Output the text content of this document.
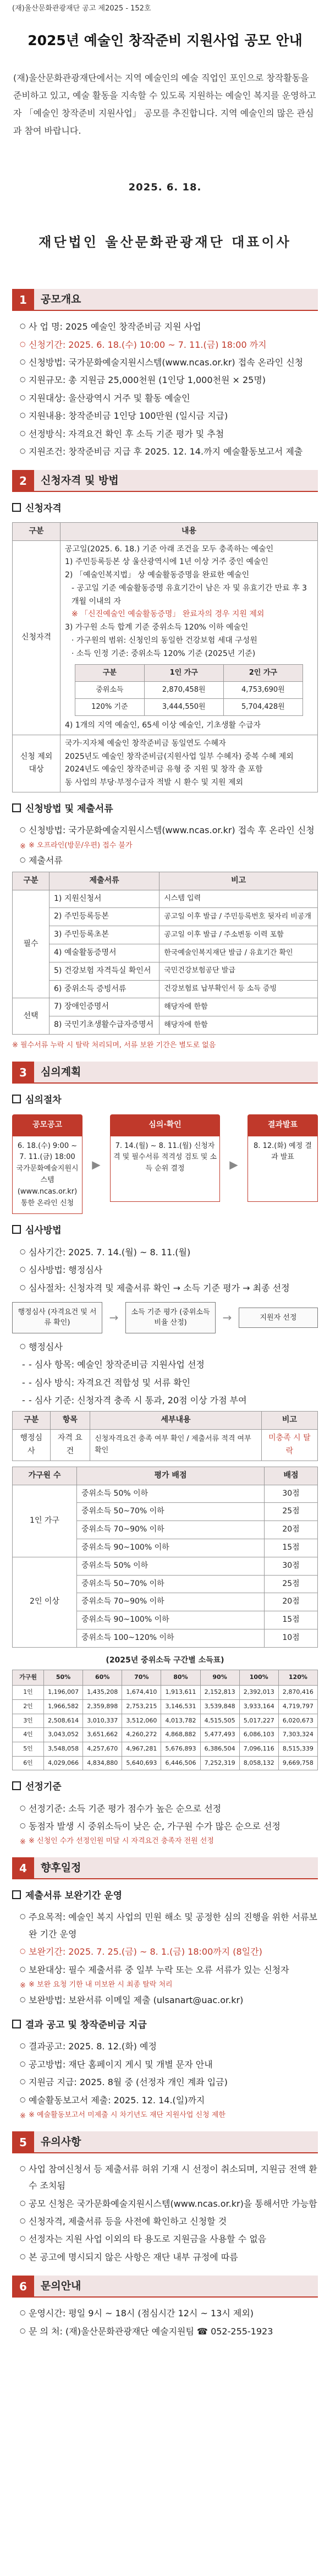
(재)울산문화관광재단 공고 제2025 - 152호
2025년 예술인 창작준비 지원사업 공모 안내
(재)울산문화관광재단에서는 지역 예술인의 예술 직업인 포인으로 창작활동을 준비하고 있고, 예술 활동을 지속할 수 있도록 지원하는 예술인 복지를 운영하고자 「예술인 창작준비 지원사업」 공모를 추진합니다. 지역 예술인의 많은 관심과 참여 바랍니다.
2025. 6. 18.
재단법인 울산문화관광재단 대표이사
1	공모개요
○ 사 업 명: 2025 예술인 창작준비금 지원 사업
○ 신청기간: 2025. 6. 18.(수) 10:00 ~ 7. 11.(금) 18:00 까지
○ 신청방법: 국가문화예술지원시스템(www.ncas.or.kr) 접속 온라인 신청
○ 지원규모: 총 지원금 25,000천원 (1인당 1,000천원 × 25명)
○ 지원대상: 울산광역시 거주 및 활동 예술인
○ 지원내용: 창작준비금 1인당 100만원 (일시금 지급)
○ 선정방식: 자격요건 확인 후 소득 기준 평가 및 추첨
○ 지원조건: 창작준비금 지급 후 2025. 12. 14.까지 예술활동보고서 제출
2	신청자격 및 방법
신청자격
구분	내용
신청자격	
공고일(2025. 6. 18.) 기준 아래 조건을 모두 충족하는 예술인
1) 주민등록등본 상 울산광역시에 1년 이상 거주 중인 예술인
2) 「예술인복지법」 상 예술활동증명을 완료한 예술인
- 공고일 기준 예술활동증명 유효기간이 남은 자 및 유효기간 만료 후 3개월 이내의 자
※ 「신진예술인 예술활동증명」 완료자의 경우 지원 제외
3) 가구원 소득 합계 기준 중위소득 120% 이하 예술인
· 가구원의 범위: 신청인의 동일한 건강보험 세대 구성원
· 소득 인정 기준: 중위소득 120% 기준 (2025년 기준)
구분	1인 가구	2인 가구
중위소득	2,870,458원	4,753,690원
120% 기준	3,444,550원	5,704,428원
4) 1개의 지역 예술인, 65세 이상 예술인, 기초생활 수급자

신청 제외 대상	
국가·지자체 예술인 창작준비금 동일연도 수혜자
2025년도 예술인 창작준비금(지원사업 일부 수혜자) 중복 수혜 제외
2024년도 예술인 창작준비금 유형 중 지원 및 창작 출 포함
동 사업의 부당·부정수급자 적발 시 환수 및 지원 제외
신청방법 및 제출서류
○ 신청방법: 국가문화예술지원시스템(www.ncas.or.kr) 접속 후 온라인 신청
※ ※ 오프라인(방문/우편) 접수 불가
○ 제출서류
구분	제출서류	비고
필수	1) 지원신청서	시스템 입력
	2) 주민등록등본	공고일 이후 발급 / 주민등록번호 뒷자리 비공개
	3) 주민등록초본	공고일 이후 발급 / 주소변동 이력 포함
	4) 예술활동증명서	한국예술인복지재단 발급 / 유효기간 확인
	5) 건강보험 자격득실 확인서	국민건강보험공단 발급
	6) 중위소득 증빙서류	건강보험료 납부확인서 등 소득 증빙
선택	7) 장애인증명서	해당자에 한함
	8) 국민기초생활수급자증명서	해당자에 한함
※ 필수서류 누락 시 탈락 처리되며, 서류 보완 기간은 별도로 없음
3	심의계획
심의절차
공모공고
6. 18.(수) 9:00 ~ 7. 11.(금) 18:00 국가문화예술지원시스템(www.ncas.or.kr) 통한 온라인 신청
▶
심의·확인
7. 14.(월) ~ 8. 11.(월) 신청자격 및 필수서류 적격성 검토 및 소득 순위 결정	▶
결과발표
8. 12.(화) 예정 결과 발표
심사방법
○ 심사기간: 2025. 7. 14.(월) ~ 8. 11.(월)
○ 심사방법: 행정심사
○ 심사절차: 신청자격 및 제출서류 확인 → 소득 기준 평가 → 최종 선정
행정심사 (자격요건 및 서류 확인)	→	소득 기준 평가 (중위소득 비율 산정)	→	지원자 선정
○ 행정심사
- - 심사 항목: 예술인 창작준비금 지원사업 선정
- - 심사 방식: 자격요건 적합성 및 서류 확인
- - 심사 기준: 신청자격 충족 시 통과, 20점 이상 가점 부여
구분	항목	세부내용	비고
행정심사	자격 요건	신청자격요건 충족 여부 확인 / 제출서류 적격 여부 확인	미충족 시 탈락
가구원 수	평가 배점	배점
1인 가구	중위소득 50% 이하	30점
	중위소득 50~70% 이하	25점
	중위소득 70~90% 이하	20점
	중위소득 90~100% 이하	15점
2인 이상	중위소득 50% 이하	30점
	중위소득 50~70% 이하	25점
	중위소득 70~90% 이하	20점
	중위소득 90~100% 이하	15점
	중위소득 100~120% 이하	10점
(2025년 중위소득 구간별 소득표)
가구원	50%	60%	70%	80%	90%	100%	120%
1인	1,196,007	1,435,208	1,674,410	1,913,611	2,152,813	2,392,013	2,870,416
2인	1,966,582	2,359,898	2,753,215	3,146,531	3,539,848	3,933,164	4,719,797
3인	2,508,614	3,010,337	3,512,060	4,013,782	4,515,505	5,017,227	6,020,673
4인	3,043,052	3,651,662	4,260,272	4,868,882	5,477,493	6,086,103	7,303,324
5인	3,548,058	4,257,670	4,967,281	5,676,893	6,386,504	7,096,116	8,515,339
6인	4,029,066	4,834,880	5,640,693	6,446,506	7,252,319	8,058,132	9,669,758
선정기준
○ 선정기준: 소득 기준 평가 점수가 높은 순으로 선정
○ 동점자 발생 시 중위소득이 낮은 순, 가구원 수가 많은 순으로 선정
※ ※ 신청인 수가 선정인원 미달 시 자격요건 충족자 전원 선정
4	향후일정
제출서류 보완기간 운영
○ 주요목적: 예술인 복지 사업의 민원 해소 및 공정한 심의 진행을 위한 서류보완 기간 운영
○ 보완기간: 2025. 7. 25.(금) ~ 8. 1.(금) 18:00까지 (8일간)
○ 보완대상: 필수 제출서류 중 일부 누락 또는 오류 서류가 있는 신청자
※ ※ 보완 요청 기한 내 미보완 시 최종 탈락 처리
○ 보완방법: 보완서류 이메일 제출 (ulsanart@uac.or.kr)
결과 공고 및 창작준비금 지급
○ 결과공고: 2025. 8. 12.(화) 예정
○ 공고방법: 재단 홈페이지 게시 및 개별 문자 안내
○ 지원금 지급: 2025. 8월 중 (선정자 개인 계좌 입금)
○ 예술활동보고서 제출: 2025. 12. 14.(일)까지
※ ※ 예술활동보고서 미제출 시 차기년도 재단 지원사업 신청 제한
5	유의사항
○ 사업 참여신청서 등 제출서류 허위 기재 시 선정이 취소되며, 지원금 전액 환수 조치됨
○ 공모 신청은 국가문화예술지원시스템(www.ncas.or.kr)을 통해서만 가능함
○ 신청자격, 제출서류 등을 사전에 확인하고 신청할 것
○ 선정자는 지원 사업 이외의 타 용도로 지원금을 사용할 수 없음
○ 본 공고에 명시되지 않은 사항은 재단 내부 규정에 따름
6	문의안내
○ 운영시간: 평일 9시 ~ 18시 (점심시간 12시 ~ 13시 제외)
○ 문 의 처: (재)울산문화관광재단 예술지원팀 ☎ 052-255-1923
